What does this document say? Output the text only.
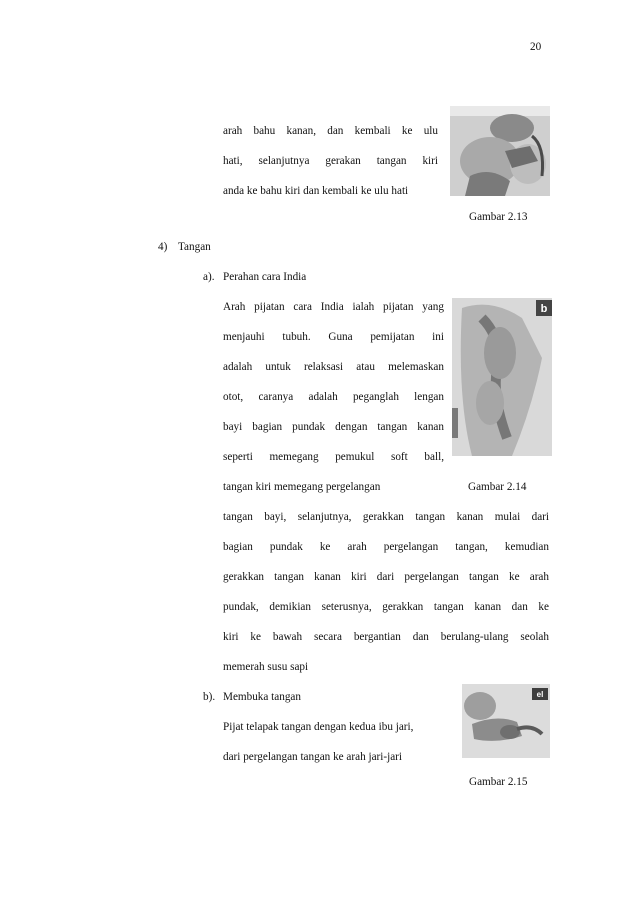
20
arah bahu kanan, dan kembali ke ulu
hati, selanjutnya gerakan tangan kiri
anda ke bahu kiri dan kembali ke ulu hati
Gambar 2.13
4) Tangan
a). Perahan cara India
Arah pijatan cara India ialah pijatan yang
menjauhi tubuh. Guna pemijatan ini
adalah untuk relaksasi atau melemaskan
otot, caranya adalah peganglah lengan
bayi bagian pundak dengan tangan kanan
seperti memegang pemukul soft ball,
tangan kiri memegang pergelangan
b
Gambar 2.14
tangan bayi, selanjutnya, gerakkan tangan kanan mulai dari
bagian pundak ke arah pergelangan tangan, kemudian
gerakkan tangan kanan kiri dari pergelangan tangan ke arah
pundak, demikian seterusnya, gerakkan tangan kanan dan ke
kiri ke bawah secara bergantian dan berulang-ulang seolah
memerah susu sapi
b). Membuka tangan
Pijat telapak tangan dengan kedua ibu jari,
dari pergelangan tangan ke arah jari-jari
el
Gambar 2.15
